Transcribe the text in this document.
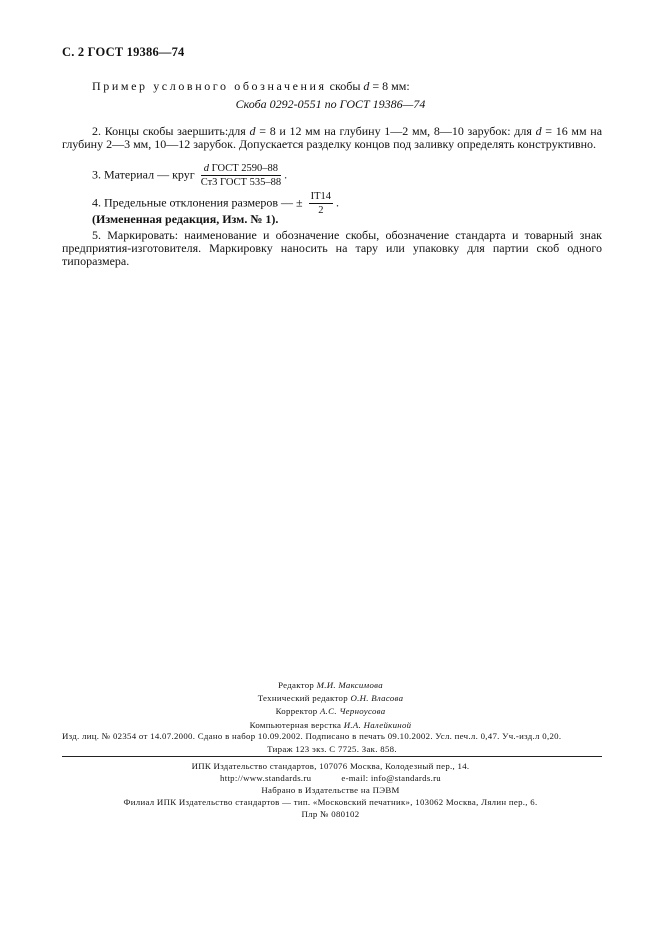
С. 2 ГОСТ 19386—74
Пример условного обозначения скобы d = 8 мм:
Скоба 0292-0551 по ГОСТ 19386—74
2. Концы скобы заершить:для d = 8 и 12 мм на глубину 1—2 мм, 8—10 зарубок: для d = 16 мм на глубину 2—3 мм, 10—12 зарубок. Допускается разделку концов под заливку определять конструктивно.
3. Материал — круг $\frac{\text{d ГОСТ 2590–88}}{\text{Ст3 ГОСТ 535–88}}$ .
4. Предельные отклонения размеров — ± $\frac{IT14}{2}$ .
(Измененная редакция, Изм. № 1).
5. Маркировать: наименование и обозначение скобы, обозначение стандарта и товарный знак предприятия-изготовителя. Маркировку наносить на тару или упаковку для партии скоб одного типоразмера.
Редактор М.И. Максимова
Технический редактор О.Н. Власова
Корректор А.С. Черноусова
Компьютерная верстка И.А. Налейкиной
Изд. лиц. № 02354 от 14.07.2000. Сдано в набор 10.09.2002. Подписано в печать 09.10.2002. Усл. печ.л. 0,47. Уч.-изд.л 0,20.
Тираж 123 экз. С 7725. Зак. 858.
ИПК Издательство стандартов, 107076 Москва, Колодезный пер., 14.
http://www.standards.ru	e-mail: info@standards.ru
Набрано в Издательстве на ПЭВМ
Филиал ИПК Издательство стандартов — тип. «Московский печатник», 103062 Москва, Лялин пер., 6.
Плр № 080102
